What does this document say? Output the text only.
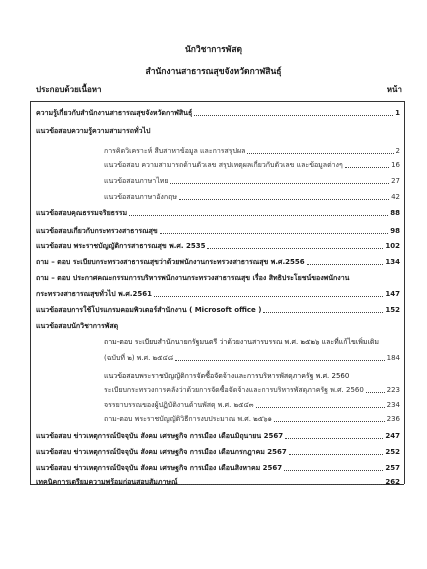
นักวิชาการพัสดุ
สำนักงานสาธารณสุขจังหวัดกาฬสินธุ์
ประกอบด้วยเนื้อหา	หน้า
ความรู้เกี่ยวกับสำนักงานสาธารณสุขจังหวัดกาฬสินธุ์	1
แนวข้อสอบความรู้ความสามารถทั่วไป
การคิดวิเคราะห์ สืบสาหาข้อมูล และการสรุปผล	2
แนวข้อสอบ ความสามารถด้านตัวเลข สรุปเหตุผลเกี่ยวกับตัวเลข และข้อมูลต่างๆ	16
แนวข้อสอบภาษาไทย	27
แนวข้อสอบภาษาอังกฤษ	42
แนวข้อสอบคุณธรรมจริยธรรม	88
แนวข้อสอบเกี่ยวกับกระทรวงสาธารณสุข	98
แนวข้อสอบ พระราชบัญญัติการสาธารณสุข พ.ศ. 2535	102
ถาม – ตอบ ระเบียบกระทรวงสาธารณสุขว่าด้วยพนักงานกระทรวงสาธารณสุข พ.ศ.2556	134
ถาม – ตอบ ประกาศคณะกรรมการบริหารพนักงานกระทรวงสาธารณสุข เรื่อง สิทธิประโยชน์ของพนักงาน
กระทรวงสาธารณสุขทั่วไป พ.ศ.2561	147
แนวข้อสอบการใช้โปรแกรมคอมพิวเตอร์สำนักงาน ( Microsoft office )	152
แนวข้อสอบนักวิชาการพัสดุ
ถาม-ตอบ ระเบียบสำนักนายกรัฐมนตรี ว่าด้วยงานสารบรรณ พ.ศ. ๒๕๒๖ และที่แก้ไขเพิ่มเติม
(ฉบับที่ ๒) พ.ศ. ๒๕๔๘	184
แนวข้อสอบพระราชบัญญัติการจัดซื้อจัดจ้างและการบริหารพัสดุภาครัฐ พ.ศ. 2560
ระเบียบกระทรวงการคลังว่าด้วยการจัดซื้อจัดจ้างและการบริหารพัสดุภาครัฐ พ.ศ. 2560	223
จรรยาบรรณของผู้ปฏิบัติงานด้านพัสดุ พ.ศ. ๒๕๔๓	234
ถาม-ตอบ พระราชบัญญัติวิธีการงบประมาณ พ.ศ. ๒๕๖๑	236
แนวข้อสอบ ข่าวเหตุการณ์ปัจจุบัน สังคม เศรษฐกิจ การเมือง เดือนมิถุนายน 2567	247
แนวข้อสอบ ข่าวเหตุการณ์ปัจจุบัน สังคม เศรษฐกิจ การเมือง เดือนกรกฎาคม 2567	252
แนวข้อสอบ ข่าวเหตุการณ์ปัจจุบัน สังคม เศรษฐกิจ การเมือง เดือนสิงหาคม 2567	257
เทคนิคการเตรียมความพร้อมก่อนสอบสัมภาษณ์	262
